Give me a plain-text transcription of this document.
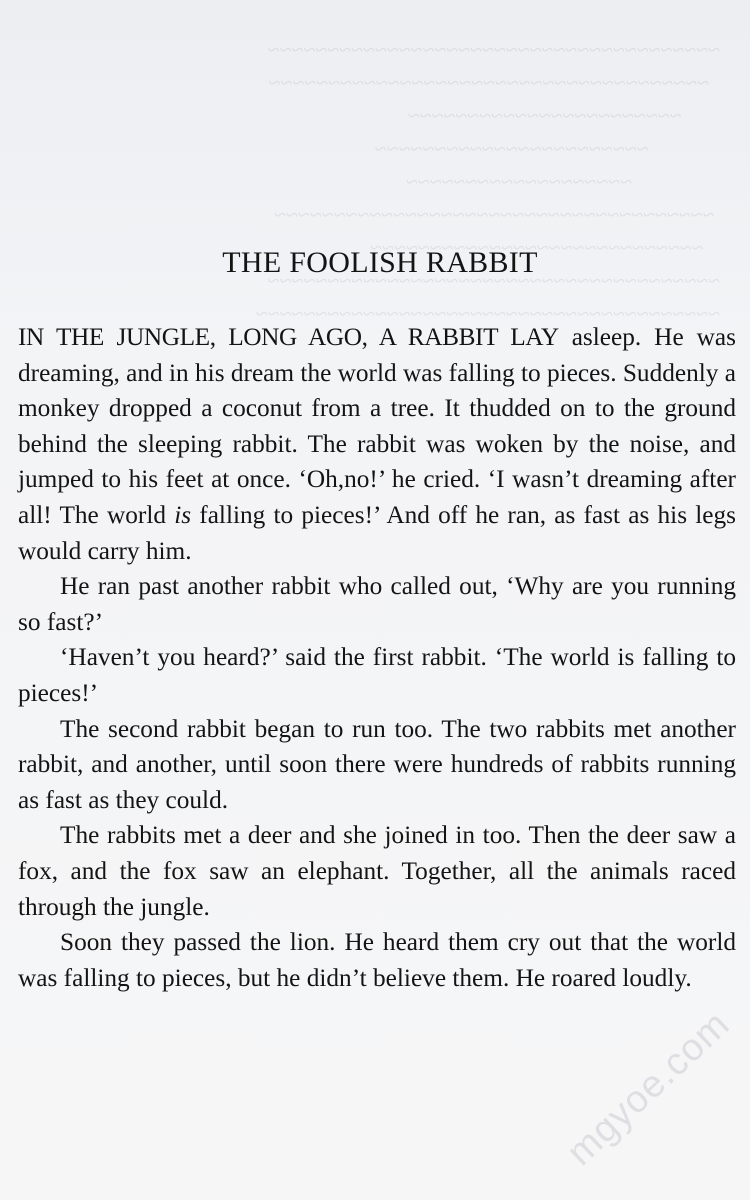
~~~~~~~~~~~~~~~~~~~~~~~~~~~~~~~~~~~~~~
~~~~~~~~~~~~~~~~~~~~~~~~~~~~~~~~~~~~~
~~~~~~~~~~~~~~~~~~~~~~~
~~~~~~~~~~~~~~~~~~~~~~~
~~~~~~~~~~~~~~~~~~~
~~~~~~~~~~~~~~~~~~~~~~~~~~~~~~~~~~~~~
~~~~~~~~~~~~~~~~~~~~~~~~~~~~
~~~~~~~~~~~~~~~~~~~~~~~~~~~~~~~~~~~~~~
~~~~~~~~~~~~~~~~~~~~~~~~~~~~~~~~~~~~~~~
THE FOOLISH RABBIT

IN THE JUNGLE, LONG AGO, A RABBIT LAY asleep. He was dreaming, and in his dream the world was falling to pieces. Suddenly a monkey dropped a coconut from a tree. It thudded on to the ground behind the sleeping rabbit. The rabbit was woken by the noise, and jumped to his feet at once. ‘Oh,no!’ he cried. ‘I wasn’t dreaming after all! The world is falling to pieces!’ And off he ran, as fast as his legs would carry him.

He ran past another rabbit who called out, ‘Why are you running so fast?’

‘Haven’t you heard?’ said the first rabbit. ‘The world is falling to pieces!’

The second rabbit began to run too. The two rabbits met another rabbit, and another, until soon there were hundreds of rabbits running as fast as they could.

The rabbits met a deer and she joined in too. Then the deer saw a fox, and the fox saw an elephant. Together, all the animals raced through the jungle.

Soon they passed the lion. He heard them cry out that the world was falling to pieces, but he didn’t believe them. He roared loudly.

mgyoe.com
